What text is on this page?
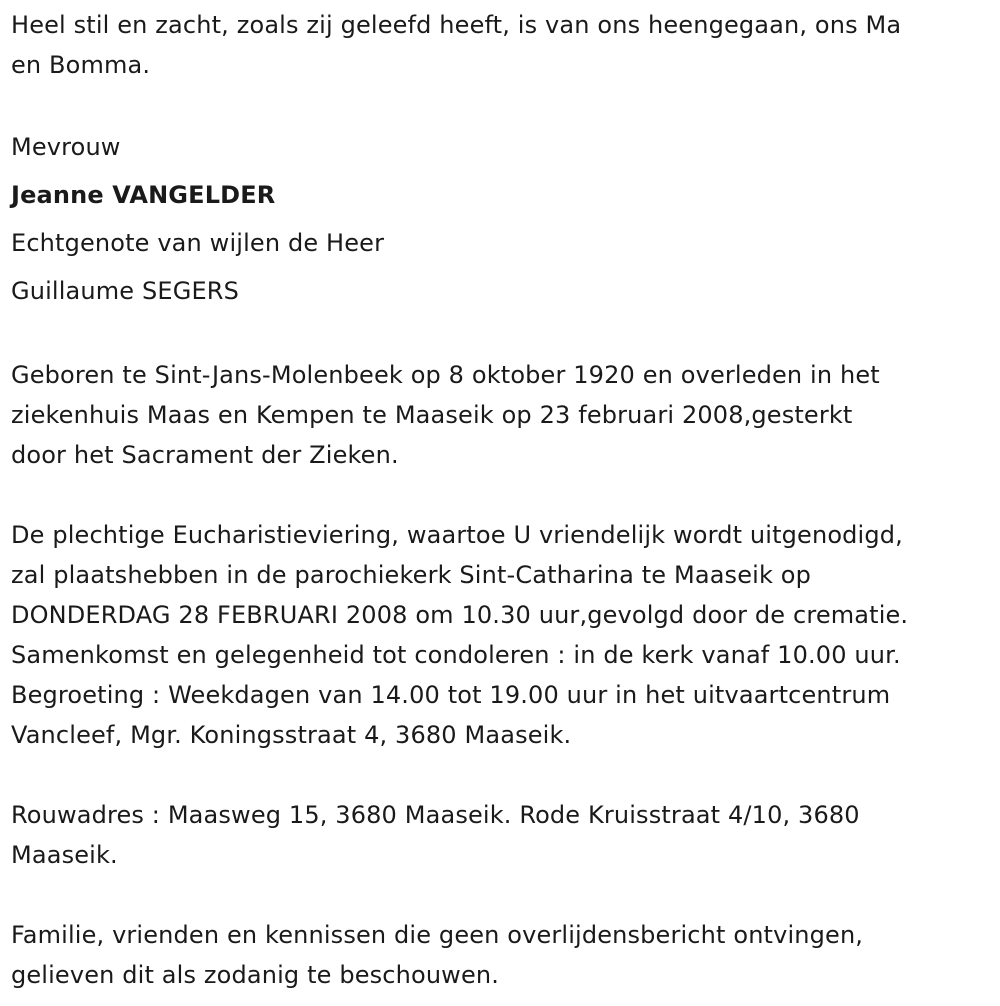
Heel stil en zacht, zoals zij geleefd heeft, is van ons heengegaan, ons Ma
en Bomma.
Mevrouw
Jeanne VANGELDER
Echtgenote van wijlen de Heer
Guillaume SEGERS
Geboren te Sint-Jans-Molenbeek op 8 oktober 1920 en overleden in het
ziekenhuis Maas en Kempen te Maaseik op 23 februari 2008,gesterkt
door het Sacrament der Zieken.
De plechtige Eucharistieviering, waartoe U vriendelijk wordt uitgenodigd,
zal plaatshebben in de parochiekerk Sint-Catharina te Maaseik op
DONDERDAG 28 FEBRUARI 2008 om 10.30 uur,gevolgd door de crematie.
Samenkomst en gelegenheid tot condoleren : in de kerk vanaf 10.00 uur.
Begroeting : Weekdagen van 14.00 tot 19.00 uur in het uitvaartcentrum
Vancleef, Mgr. Koningsstraat 4, 3680 Maaseik.
Rouwadres : Maasweg 15, 3680 Maaseik. Rode Kruisstraat 4/10, 3680
Maaseik.
Familie, vrienden en kennissen die geen overlijdensbericht ontvingen,
gelieven dit als zodanig te beschouwen.
